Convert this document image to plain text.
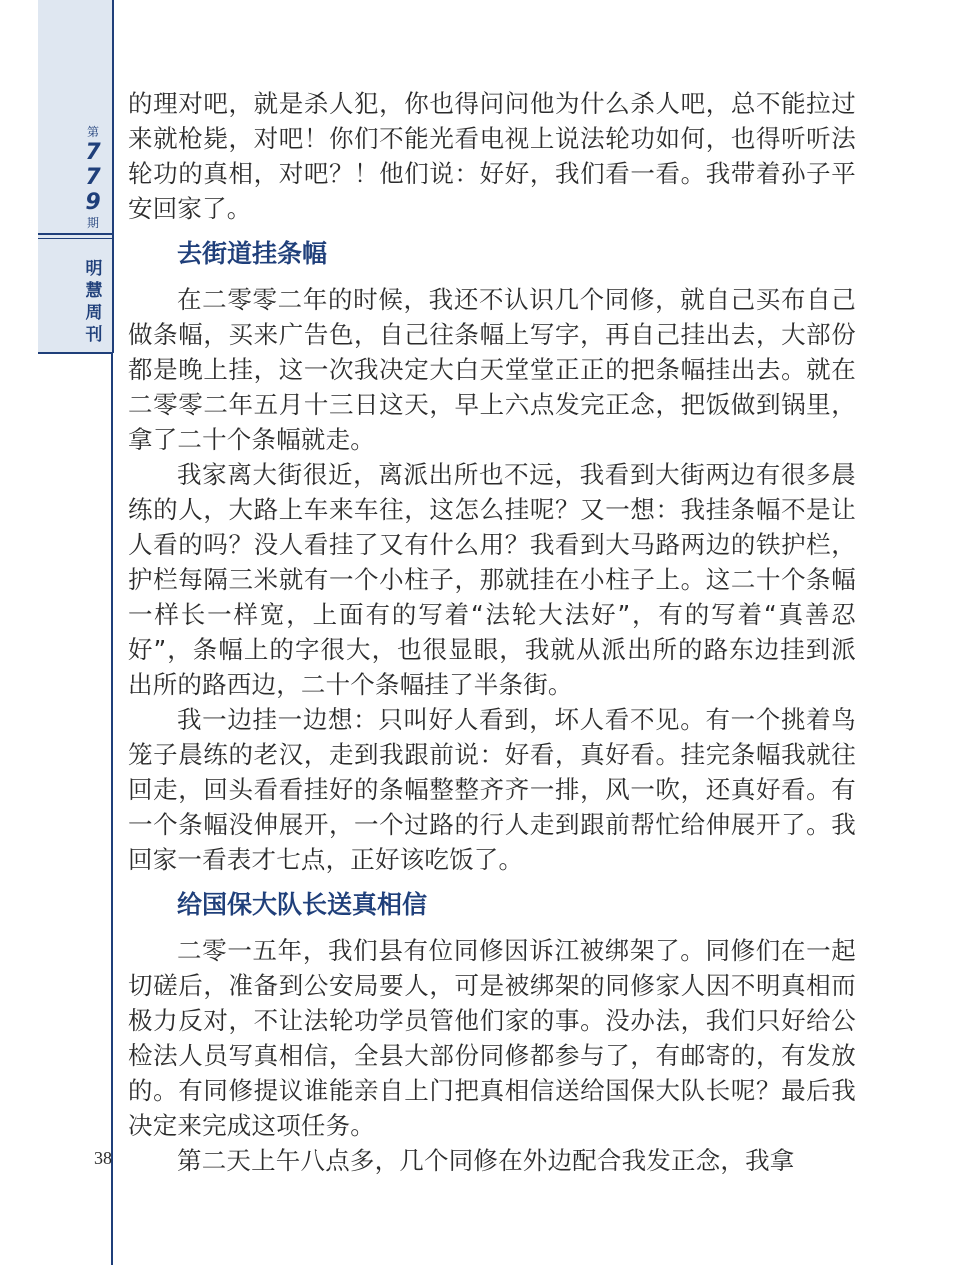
第
7
7
9
期
明
慧
周
刊
38

的理对吧，就是杀人犯，你也得问问他为什么杀人吧，总不能拉过来就枪毙，对吧！你们不能光看电视上说法轮功如何，也得听听法轮功的真相，对吧？！他们说：好好，我们看一看。我带着孙子平安回家了。

去街道挂条幅

在二零零二年的时候，我还不认识几个同修，就自己买布自己做条幅，买来广告色，自己往条幅上写字，再自己挂出去，大部份都是晚上挂，这一次我决定大白天堂堂正正的把条幅挂出去。就在二零零二年五月十三日这天，早上六点发完正念，把饭做到锅里，拿了二十个条幅就走。

我家离大街很近，离派出所也不远，我看到大街两边有很多晨练的人，大路上车来车往，这怎么挂呢？又一想：我挂条幅不是让人看的吗？没人看挂了又有什么用？我看到大马路两边的铁护栏，护栏每隔三米就有一个小柱子，那就挂在小柱子上。这二十个条幅一样长一样宽，上面有的写着“法轮大法好”，有的写着“真善忍好”，条幅上的字很大，也很显眼，我就从派出所的路东边挂到派出所的路西边，二十个条幅挂了半条街。

我一边挂一边想：只叫好人看到，坏人看不见。有一个挑着鸟笼子晨练的老汉，走到我跟前说：好看，真好看。挂完条幅我就往回走，回头看看挂好的条幅整整齐齐一排，风一吹，还真好看。有一个条幅没伸展开，一个过路的行人走到跟前帮忙给伸展开了。我回家一看表才七点，正好该吃饭了。

给国保大队长送真相信

二零一五年，我们县有位同修因诉江被绑架了。同修们在一起切磋后，准备到公安局要人，可是被绑架的同修家人因不明真相而极力反对，不让法轮功学员管他们家的事。没办法，我们只好给公检法人员写真相信，全县大部份同修都参与了，有邮寄的，有发放的。有同修提议谁能亲自上门把真相信送给国保大队长呢？最后我决定来完成这项任务。

第二天上午八点多，几个同修在外边配合我发正念，我拿
